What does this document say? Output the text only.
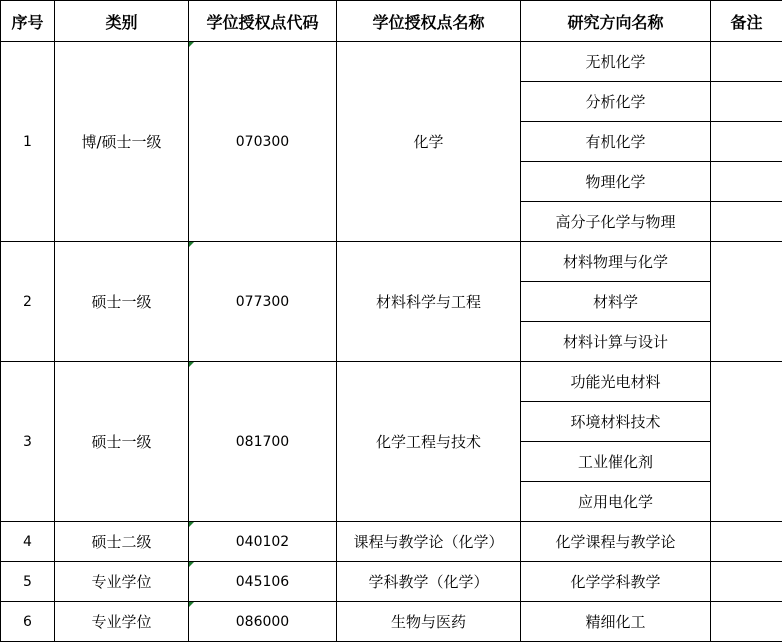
序号	类别	学位授权点代码	学位授权点名称	研究方向名称	备注
1	博/硕士一级	070300	化学	无机化学	
				分析化学	
				有机化学	
				物理化学	
				高分子化学与物理	
2	硕士一级	077300	材料科学与工程	材料物理与化学	
				材料学	
				材料计算与设计	
3	硕士一级	081700	化学工程与技术	功能光电材料	
				环境材料技术	
				工业催化剂	
				应用电化学	
4	硕士二级	040102	课程与教学论（化学）	化学课程与教学论	
5	专业学位	045106	学科教学（化学）	化学学科教学	
6	专业学位	086000	生物与医药	精细化工	
